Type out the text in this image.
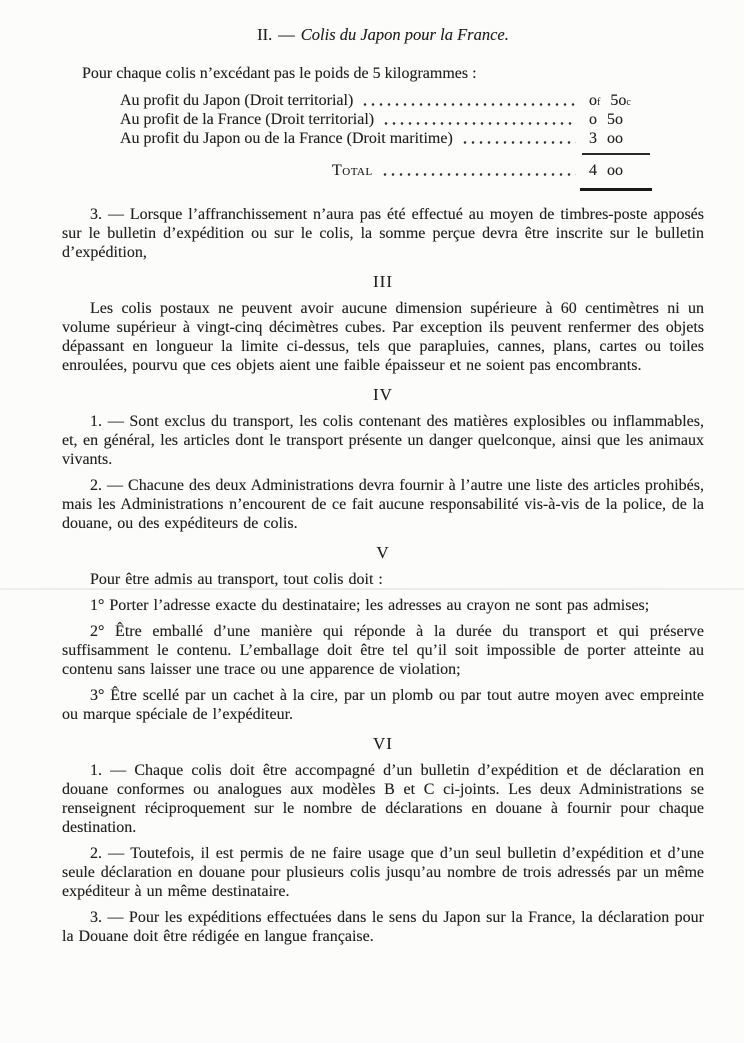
II. — Colis du Japon pour la France.

Pour chaque colis n’excédant pas le poids de 5 kilogrammes :

Au profit du Japon (Droit territorial)	o f 5o c
Au profit de la France (Droit territorial)	o 5o
Au profit du Japon ou de la France (Droit maritime)	3 oo
Total	4 oo

3. — Lorsque l’affranchissement n’aura pas été effectué au moyen de timbres-poste apposés sur le bulletin d’expédition ou sur le colis, la somme perçue devra être inscrite sur le bulletin d’expédition,

III

Les colis postaux ne peuvent avoir aucune dimension supérieure à 60 centimètres ni un volume supérieur à vingt-cinq décimètres cubes. Par exception ils peuvent renfermer des objets dépassant en longueur la limite ci-dessus, tels que parapluies, cannes, plans, cartes ou toiles enroulées, pourvu que ces objets aient une faible épaisseur et ne soient pas encombrants.

IV

1. — Sont exclus du transport, les colis contenant des matières explosibles ou inflammables, et, en général, les articles dont le transport présente un danger quelconque, ainsi que les animaux vivants.

2. — Chacune des deux Administrations devra fournir à l’autre une liste des articles prohibés, mais les Administrations n’encourent de ce fait aucune responsabilité vis-à-vis de la police, de la douane, ou des expéditeurs de colis.

V

Pour être admis au transport, tout colis doit :

1° Porter l’adresse exacte du destinataire; les adresses au crayon ne sont pas admises;

2° Être emballé d’une manière qui réponde à la durée du transport et qui préserve suffisamment le contenu. L’emballage doit être tel qu’il soit impossible de porter atteinte au contenu sans laisser une trace ou une apparence de violation;

3° Être scellé par un cachet à la cire, par un plomb ou par tout autre moyen avec empreinte ou marque spéciale de l’expéditeur.

VI

1. — Chaque colis doit être accompagné d’un bulletin d’expédition et de déclaration en douane conformes ou analogues aux modèles B et C ci-joints. Les deux Administrations se renseignent réciproquement sur le nombre de déclarations en douane à fournir pour chaque destination.

2. — Toutefois, il est permis de ne faire usage que d’un seul bulletin d’expédition et d’une seule déclaration en douane pour plusieurs colis jusqu’au nombre de trois adressés par un même expéditeur à un même destinataire.

3. — Pour les expéditions effectuées dans le sens du Japon sur la France, la déclaration pour la Douane doit être rédigée en langue française.
